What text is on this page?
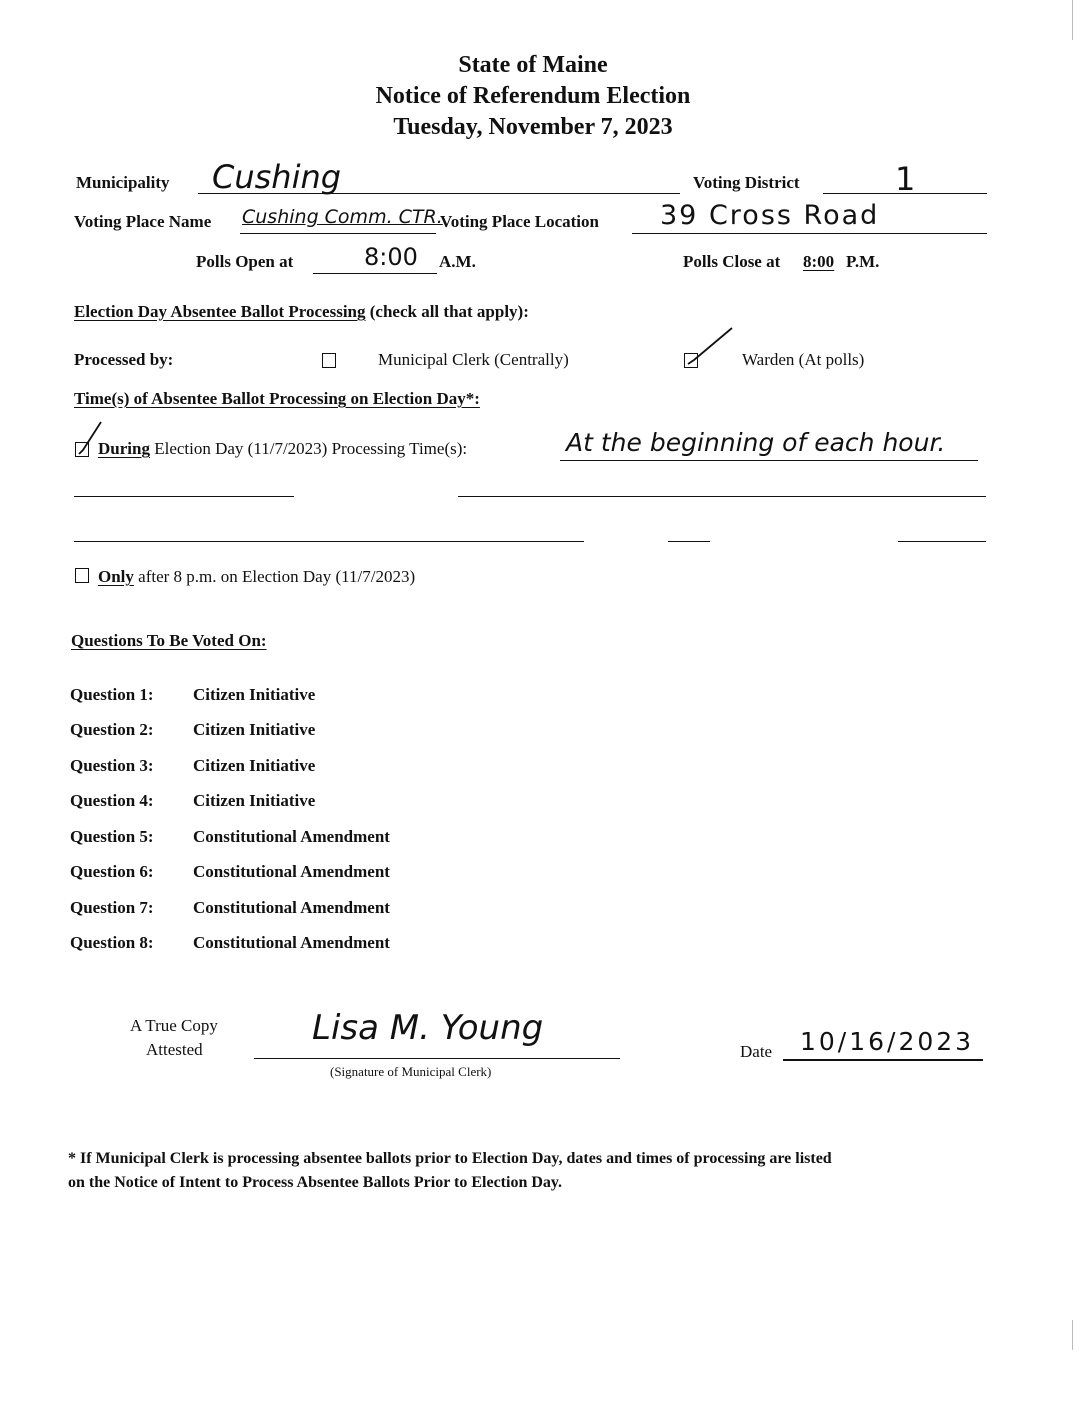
State of Maine
Notice of Referendum Election
Tuesday, November 7, 2023
Municipality Cushing	Voting District	1
Voting Place Name Cushing Comm. CTR.
Voting Place Location 39 Cross Road
Polls Open at	8:00 A.M.	Polls Close at 8:00 P.M.
Election Day Absentee Ballot Processing (check all that apply):
Processed by:	Municipal Clerk (Centrally)	Warden (At polls)
Time(s) of Absentee Ballot Processing on Election Day*:
During Election Day (11/7/2023) Processing Time(s):	At the beginning of each hour.
Only after 8 p.m. on Election Day (11/7/2023)
Questions To Be Voted On:
Question 1: Citizen Initiative
Question 2: Citizen Initiative
Question 3: Citizen Initiative
Question 4: Citizen Initiative
Question 5: Constitutional Amendment
Question 6: Constitutional Amendment
Question 7: Constitutional Amendment
Question 8: Constitutional Amendment
A True Copy
Attested
Lisa M. Young
(Signature of Municipal Clerk)
Date 10/16/2023
* If Municipal Clerk is processing absentee ballots prior to Election Day, dates and times of processing are listed
on the Notice of Intent to Process Absentee Ballots Prior to Election Day.
